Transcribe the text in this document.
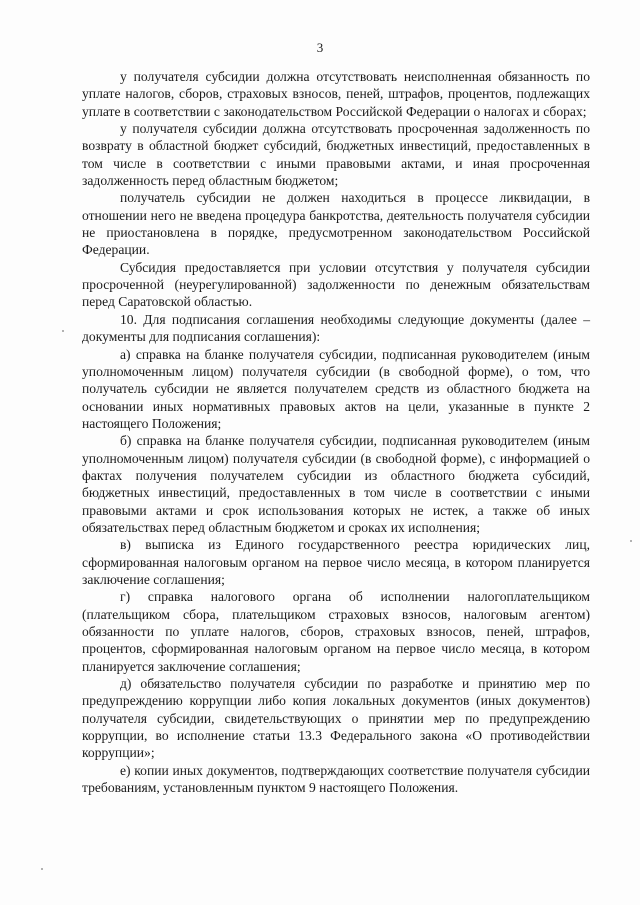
3

у получателя субсидии должна отсутствовать неисполненная обязанность по уплате налогов, сборов, страховых взносов, пеней, штрафов, процентов, подлежащих уплате в соответствии с законодательством Российской Федерации о налогах и сборах;

у получателя субсидии должна отсутствовать просроченная задолженность по возврату в областной бюджет субсидий, бюджетных инвестиций, предоставленных в том числе в соответствии с иными правовыми актами, и иная просроченная задолженность перед областным бюджетом;

получатель субсидии не должен находиться в процессе ликвидации, в отношении него не введена процедура банкротства, деятельность получателя субсидии не приостановлена в порядке, предусмотренном законодательством Российской Федерации.

Субсидия предоставляется при условии отсутствия у получателя субсидии просроченной (неурегулированной) задолженности по денежным обязательствам перед Саратовской областью.

10. Для подписания соглашения необходимы следующие документы (далее – документы для подписания соглашения):

а) справка на бланке получателя субсидии, подписанная руководителем (иным уполномоченным лицом) получателя субсидии (в свободной форме), о том, что получатель субсидии не является получателем средств из областного бюджета на основании иных нормативных правовых актов на цели, указанные в пункте 2 настоящего Положения;

б) справка на бланке получателя субсидии, подписанная руководителем (иным уполномоченным лицом) получателя субсидии (в свободной форме), с информацией о фактах получения получателем субсидии из областного бюджета субсидий, бюджетных инвестиций, предоставленных в том числе в соответствии с иными правовыми актами и срок использования которых не истек, а также об иных обязательствах перед областным бюджетом и сроках их исполнения;

в) выписка из Единого государственного реестра юридических лиц, сформированная налоговым органом на первое число месяца, в котором планируется заключение соглашения;

г) справка налогового органа об исполнении налогоплательщиком (плательщиком сбора, плательщиком страховых взносов, налоговым агентом) обязанности по уплате налогов, сборов, страховых взносов, пеней, штрафов, процентов, сформированная налоговым органом на первое число месяца, в котором планируется заключение соглашения;

д) обязательство получателя субсидии по разработке и принятию мер по предупреждению коррупции либо копия локальных документов (иных документов) получателя субсидии, свидетельствующих о принятии мер по предупреждению коррупции, во исполнение статьи 13.3 Федерального закона «О противодействии коррупции»;

е) копии иных документов, подтверждающих соответствие получателя субсидии требованиям, установленным пунктом 9 настоящего Положения.
